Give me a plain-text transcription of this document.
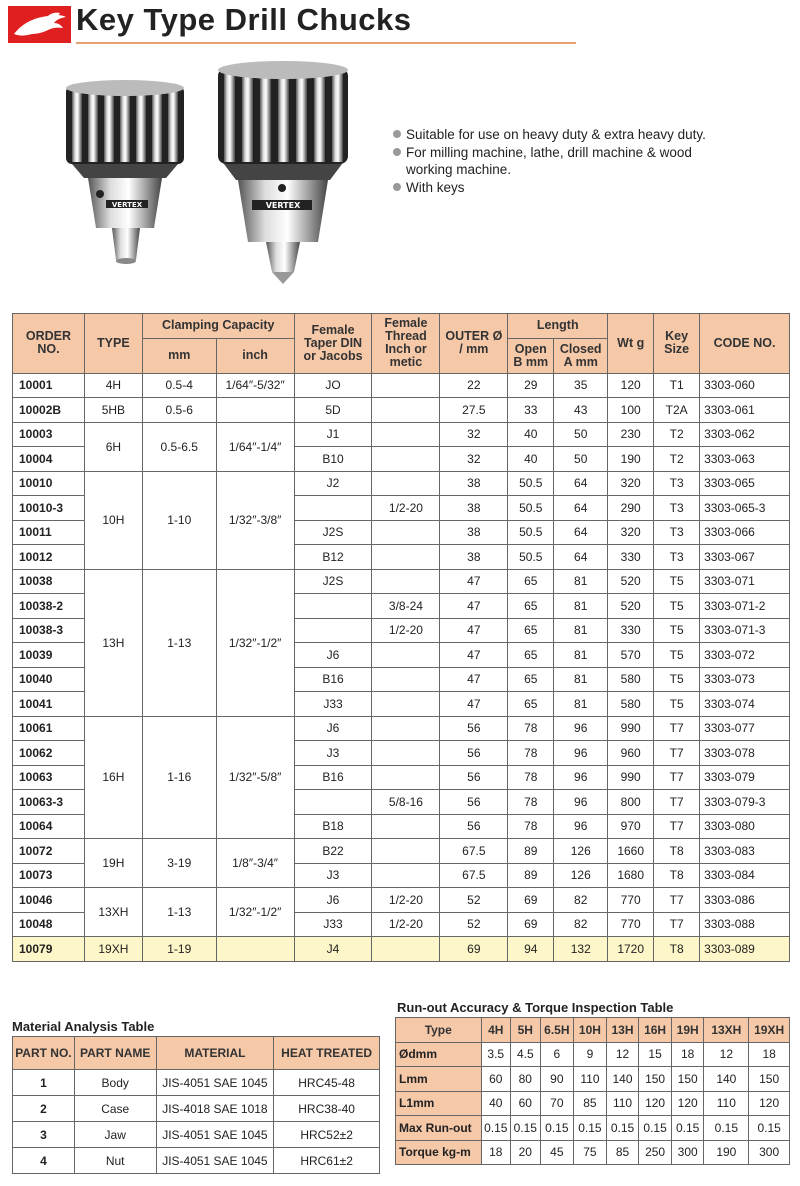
Key Type Drill Chucks
VERTEX	VERTEX
Suitable for use on heavy duty & extra heavy duty.
For milling machine, lathe, drill machine & wood
working machine.
With keys
ORDER NO.	TYPE	Clamping Capacity		Female Taper DIN or Jacobs	Female Thread Inch or metic	OUTER Ø / mm	Length		Wt g	Key Size	CODE NO.
		mm	inch				Open B mm	Closed A mm			
10001	4H	0.5-4	1/64″-5/32″	JO		22	29	35	120	T1	3303-060
10002B	5HB	0.5-6		5D		27.5	33	43	100	T2A	3303-061
10003	6H	0.5-6.5	1/64″-1/4″	J1		32	40	50	230	T2	3303-062
10004				B10		32	40	50	190	T2	3303-063
10010	10H	1-10	1/32″-3/8″	J2		38	50.5	64	320	T3	3303-065
10010-3					1/2-20	38	50.5	64	290	T3	3303-065-3
10011				J2S		38	50.5	64	320	T3	3303-066
10012				B12		38	50.5	64	330	T3	3303-067
10038	13H	1-13	1/32″-1/2″	J2S		47	65	81	520	T5	3303-071
10038-2					3/8-24	47	65	81	520	T5	3303-071-2
10038-3					1/2-20	47	65	81	330	T5	3303-071-3
10039				J6		47	65	81	570	T5	3303-072
10040				B16		47	65	81	580	T5	3303-073
10041				J33		47	65	81	580	T5	3303-074
10061	16H	1-16	1/32″-5/8″	J6		56	78	96	990	T7	3303-077
10062				J3		56	78	96	960	T7	3303-078
10063				B16		56	78	96	990	T7	3303-079
10063-3					5/8-16	56	78	96	800	T7	3303-079-3
10064				B18		56	78	96	970	T7	3303-080
10072	19H	3-19	1/8″-3/4″	B22		67.5	89	126	1660	T8	3303-083
10073				J3		67.5	89	126	1680	T8	3303-084
10046	13XH	1-13	1/32″-1/2″	J6	1/2-20	52	69	82	770	T7	3303-086
10048				J33	1/2-20	52	69	82	770	T7	3303-088
10079	19XH	1-19		J4		69	94	132	1720	T8	3303-089
Material Analysis Table
PART NO.	PART NAME	MATERIAL	HEAT TREATED
1	Body	JIS-4051 SAE 1045	HRC45-48
2	Case	JIS-4018 SAE 1018	HRC38-40
3	Jaw	JIS-4051 SAE 1045	HRC52±2
4	Nut	JIS-4051 SAE 1045	HRC61±2
Run-out Accuracy & Torque Inspection Table
Type	4H	5H	6.5H	10H	13H	16H	19H	13XH	19XH
Ødmm	3.5	4.5	6	9	12	15	18	12	18
Lmm	60	80	90	110	140	150	150	140	150
L1mm	40	60	70	85	110	120	120	110	120
Max Run-out	0.15	0.15	0.15	0.15	0.15	0.15	0.15	0.15	0.15
Torque kg-m	18	20	45	75	85	250	300	190	300
